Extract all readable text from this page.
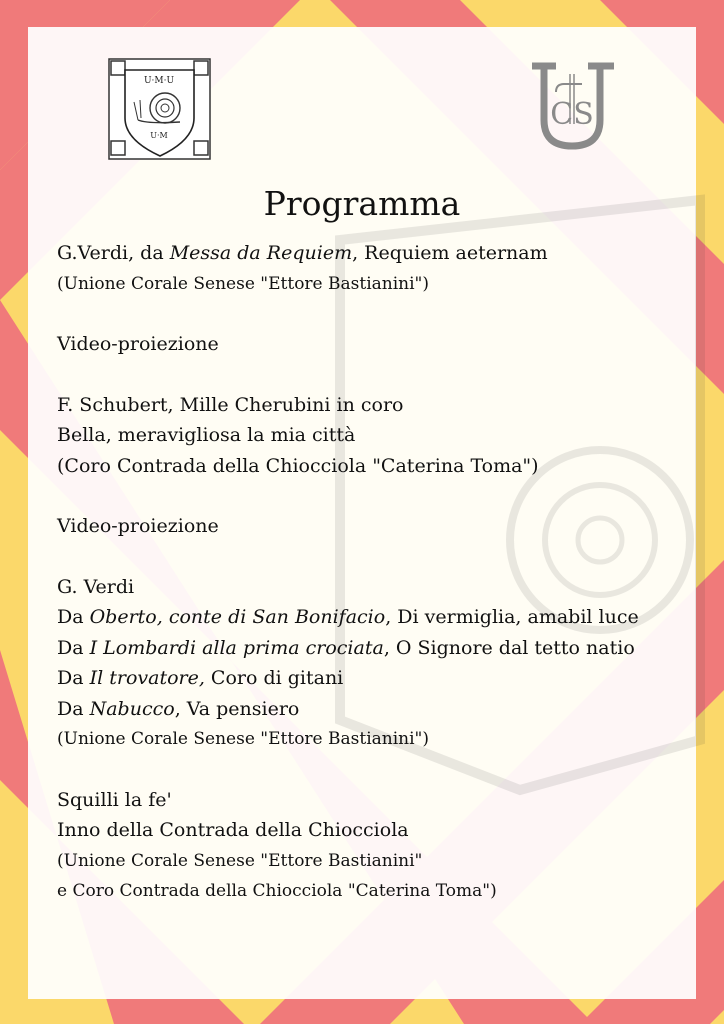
U·M·U
U·M
CS
Programma
G.Verdi, da Messa da Requiem, Requiem aeternam
(Unione Corale Senese "Ettore Bastianini")
Video-proiezione
F. Schubert, Mille Cherubini in coro
Bella, meravigliosa la mia città
(Coro Contrada della Chiocciola "Caterina Toma")
Video-proiezione
G. Verdi
Da Oberto, conte di San Bonifacio, Di vermiglia, amabil luce
Da I Lombardi alla prima crociata, O Signore dal tetto natio
Da Il trovatore, Coro di gitani
Da Nabucco, Va pensiero
(Unione Corale Senese "Ettore Bastianini")
Squilli la fe'
Inno della Contrada della Chiocciola
(Unione Corale Senese "Ettore Bastianini"
e Coro Contrada della Chiocciola "Caterina Toma")
